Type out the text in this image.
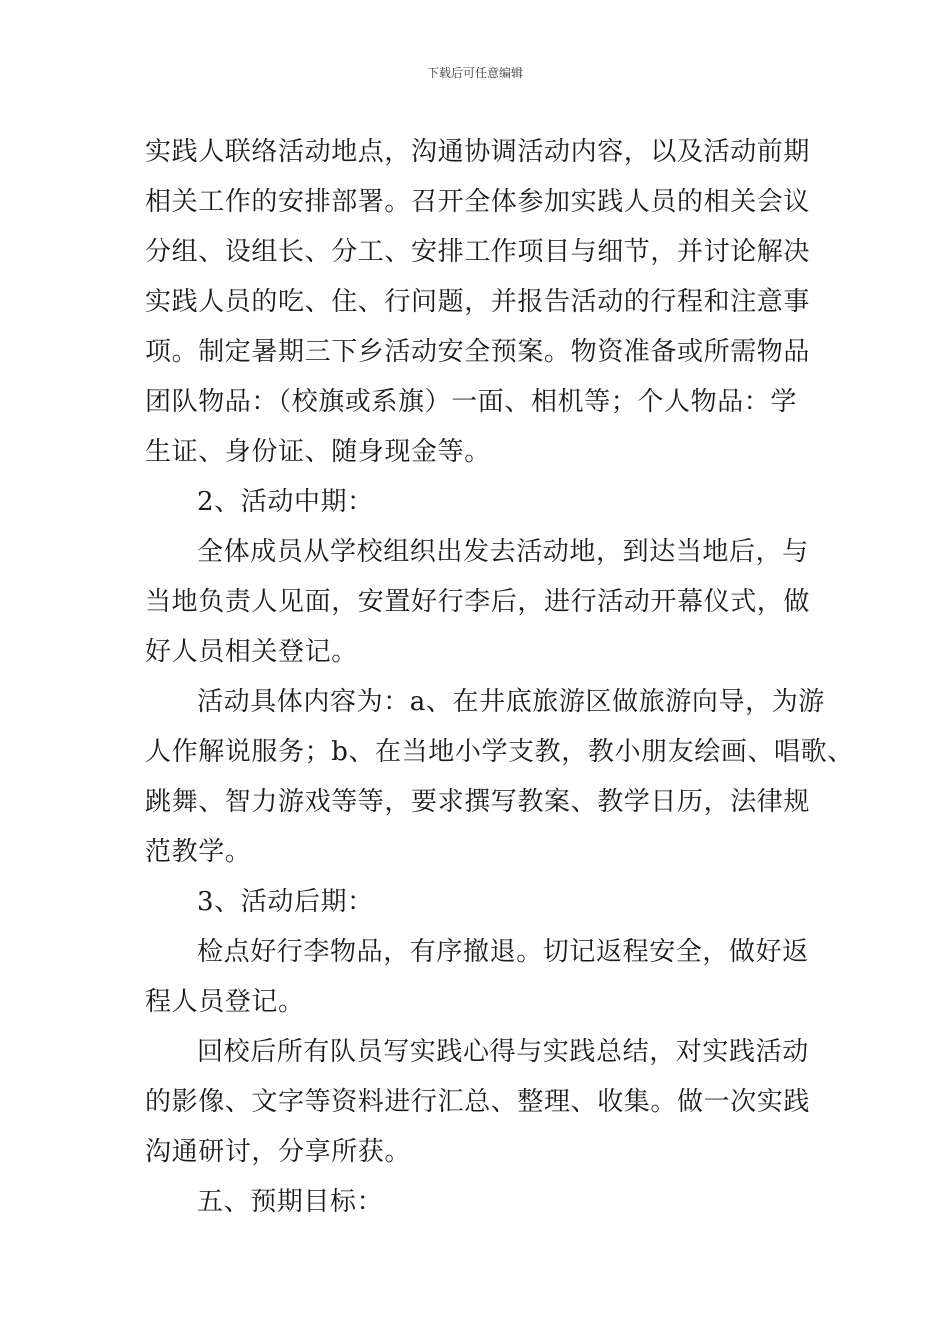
下载后可任意编辑
实践人联络活动地点，沟通协调活动内容，以及活动前期
相关工作的安排部署。召开全体参加实践人员的相关会议
分组、设组长、分工、安排工作项目与细节，并讨论解决
实践人员的吃、住、行问题，并报告活动的行程和注意事
项。制定暑期三下乡活动安全预案。物资准备或所需物品
团队物品：（校旗或系旗）一面、相机等；个人物品：学
生证、身份证、随身现金等。
2、活动中期：
全体成员从学校组织出发去活动地，到达当地后，与
当地负责人见面，安置好行李后，进行活动开幕仪式，做
好人员相关登记。
活动具体内容为：a、在井底旅游区做旅游向导，为游
人作解说服务；b、在当地小学支教，教小朋友绘画、唱歌、
跳舞、智力游戏等等，要求撰写教案、教学日历，法律规
范教学。
3、活动后期：
检点好行李物品，有序撤退。切记返程安全，做好返
程人员登记。
回校后所有队员写实践心得与实践总结，对实践活动
的影像、文字等资料进行汇总、整理、收集。做一次实践
沟通研讨，分享所获。
五、预期目标：
